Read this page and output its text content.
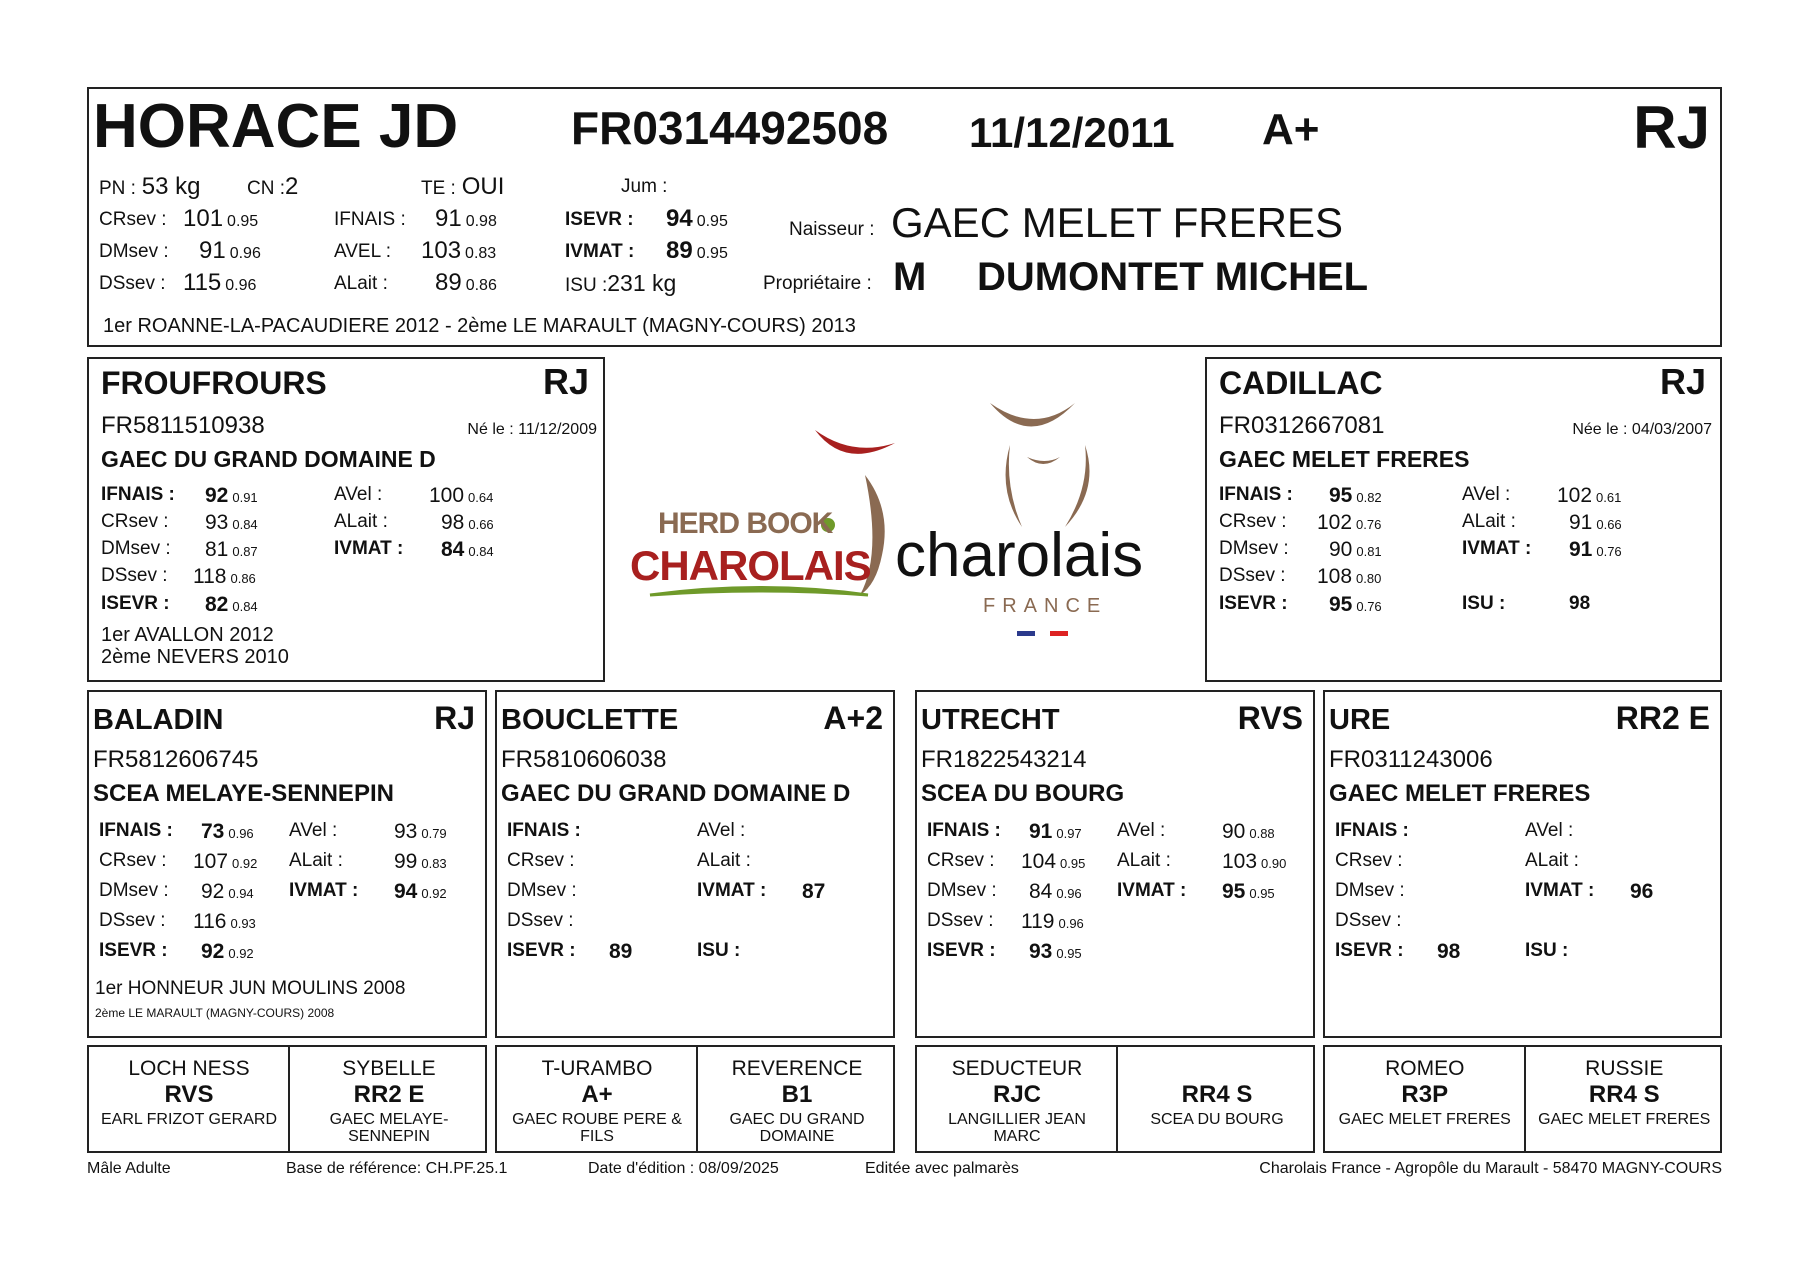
HORACE JD FR0314492508 11/12/2011 A+	RJ
PN : 53 kg CN :2	TE : OUI	Jum :
CRsev : 101 0.95
DMsev : 91 0.96
DSsev : 115 0.96
IFNAIS : 91 0.98
AVEL : 103 0.83
ALait : 89 0.86
ISEVR : 94 0.95
IVMAT : 89 0.95
ISU :231 kg
Naisseur : GAEC MELET FRERES
Propriétaire : M DUMONTET MICHEL
1er ROANNE-LA-PACAUDIERE 2012 - 2ème LE MARAULT (MAGNY-COURS) 2013
FROUFROURS	RJ
FR5811510938	Né le : 11/12/2009
GAEC DU GRAND DOMAINE D
IFNAIS : 92 0.91
CRsev : 93 0.84
DMsev : 81 0.87
DSsev : 118 0.86
ISEVR : 82 0.84
AVel : 100 0.64
ALait :	98 0.66
IVMAT : 84 0.84
1er AVALLON 2012
2ème NEVERS 2010
HERD BOOK
CHAROLAIS charolais
FRANCE
CADILLAC	RJ
FR0312667081	Née le : 04/03/2007
GAEC MELET FRERES
IFNAIS : 95 0.82
CRsev : 102 0.76
DMsev : 90 0.81
DSsev : 108 0.80
ISEVR : 95 0.76
AVel : 102 0.61
ALait :	91 0.66
IVMAT : 91 0.76
ISU :	98
BALADIN	RJ
FR5812606745
SCEA MELAYE-SENNEPIN
IFNAIS : 73 0.96
CRsev : 107 0.92
DMsev : 92 0.94
DSsev : 116 0.93
ISEVR : 92 0.92
AVel :	93 0.79
ALait : 99 0.83
IVMAT : 94 0.92
1er HONNEUR JUN MOULINS 2008
2ème LE MARAULT (MAGNY-COURS) 2008
BOUCLETTE	A+2
FR5810606038
GAEC DU GRAND DOMAINE D
IFNAIS :
CRsev :
DMsev :
DSsev :
ISEVR : 89
AVel :
ALait :
IVMAT : 87
ISU :
UTRECHT	RVS
FR1822543214
SCEA DU BOURG
IFNAIS : 91 0.97
CRsev : 104 0.95
DMsev : 84 0.96
DSsev : 119 0.96
ISEVR : 93 0.95
AVel :	90 0.88
ALait : 103 0.90
IVMAT : 95 0.95
URE	RR2 E
FR0311243006
GAEC MELET FRERES
IFNAIS :
CRsev :
DMsev :
DSsev :
ISEVR : 98
AVel :
ALait :
IVMAT : 96
ISU :
LOCH NESS
RVS
EARL FRIZOT GERARD
SYBELLE
RR2 E
GAEC MELAYE-SENNEPIN
T-URAMBO
A+
GAEC ROUBE PERE & FILS
REVERENCE
B1
GAEC DU GRAND DOMAINE
SEDUCTEUR
RJC
LANGILLIER JEAN MARC
RR4 S
SCEA DU BOURG
ROMEO
R3P
GAEC MELET FRERES
RUSSIE
RR4 S
GAEC MELET FRERES
Mâle Adulte	Base de référence: CH.PF.25.1	Date d'édition : 08/09/2025	Editée avec palmarès	Charolais France - Agropôle du Marault - 58470 MAGNY-COURS
